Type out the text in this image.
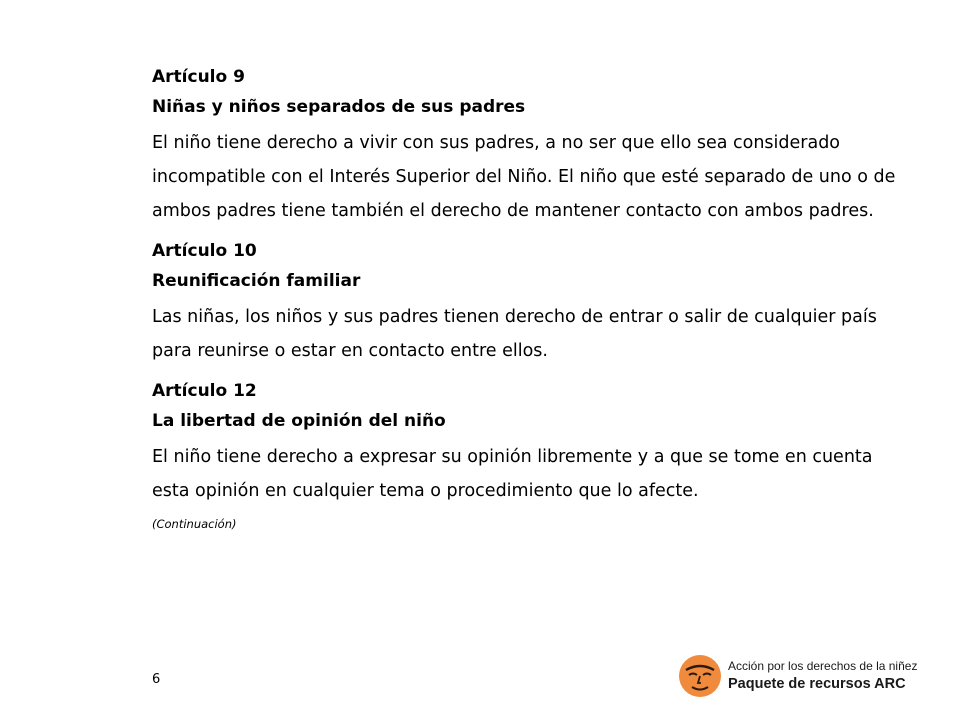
Artículo 9

Niñas y niños separados de sus padres

El niño tiene derecho a vivir con sus padres, a no ser que ello sea considerado incompatible con el Interés Superior del Niño. El niño que esté separado de uno o de ambos padres tiene también el derecho de mantener contacto con ambos padres.

Artículo 10

Reunificación familiar

Las niñas, los niños y sus padres tienen derecho de entrar o salir de cualquier país para reunirse o estar en contacto entre ellos.

Artículo 12

La libertad de opinión del niño

El niño tiene derecho a expresar su opinión libremente y a que se tome en cuenta esta opinión en cualquier tema o procedimiento que lo afecte.

(Continuación)
6
Acción por los derechos de la niñez
Paquete de recursos ARC
